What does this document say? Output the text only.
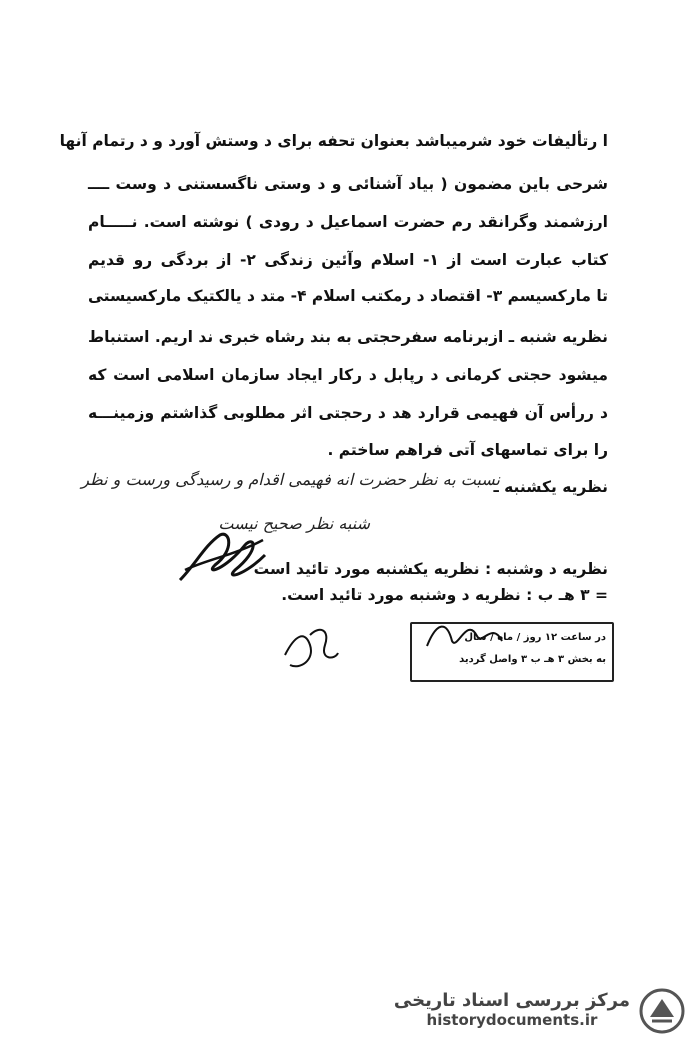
ا رتألیفات خود شرمیباشد بعنوان تحفه برای د وستش آورد و د رتمام آنها
شرحی باین مضمون ( بیاد آشنائی و د وستی ناگسستنی د وست ــــ
ارزشمند وگرانقد رم حضرت اسماعیل د رودی ) نوشته است. نـــــام
کتاب عبارت است از ۱- اسلام وآئین زندگی ۲- از بردگی رو قدیم
تا مارکسیسم ۳- اقتصاد د رمکتب اسلام ۴- متد د یالکتیک مارکسیستی
نظریه شنبه ـ ازبرنامه سفرحجتی به بند رشاه خبری ند اریم. استنباط
میشود حجتی کرمانی د رپابل د رکار ایجاد سازمان اسلامی است که
د ررأس آن فهیمی قرارد هد د رحجتی اثر مطلوبی گذاشتم وزمینـــه
را برای تماسهای آتی فراهم ساختم .
نظریه یکشنبه ـ
نسبت به نظر حضرت انه فهیمی اقدام و رسیدگی ورست و نظر
شنبه نظر صحیح نیست
نظریه د وشنبه : نظریه یکشنبه مورد تائید است
= ۳ هـ ب : نظریه د وشنبه مورد تائید است.
در ساعت ۱۲ روز / ماه / سال
به بخش ۳ هـ ب ۳ واصل گردید
مرکز بررسی اسناد تاریخی
historydocuments.ir
